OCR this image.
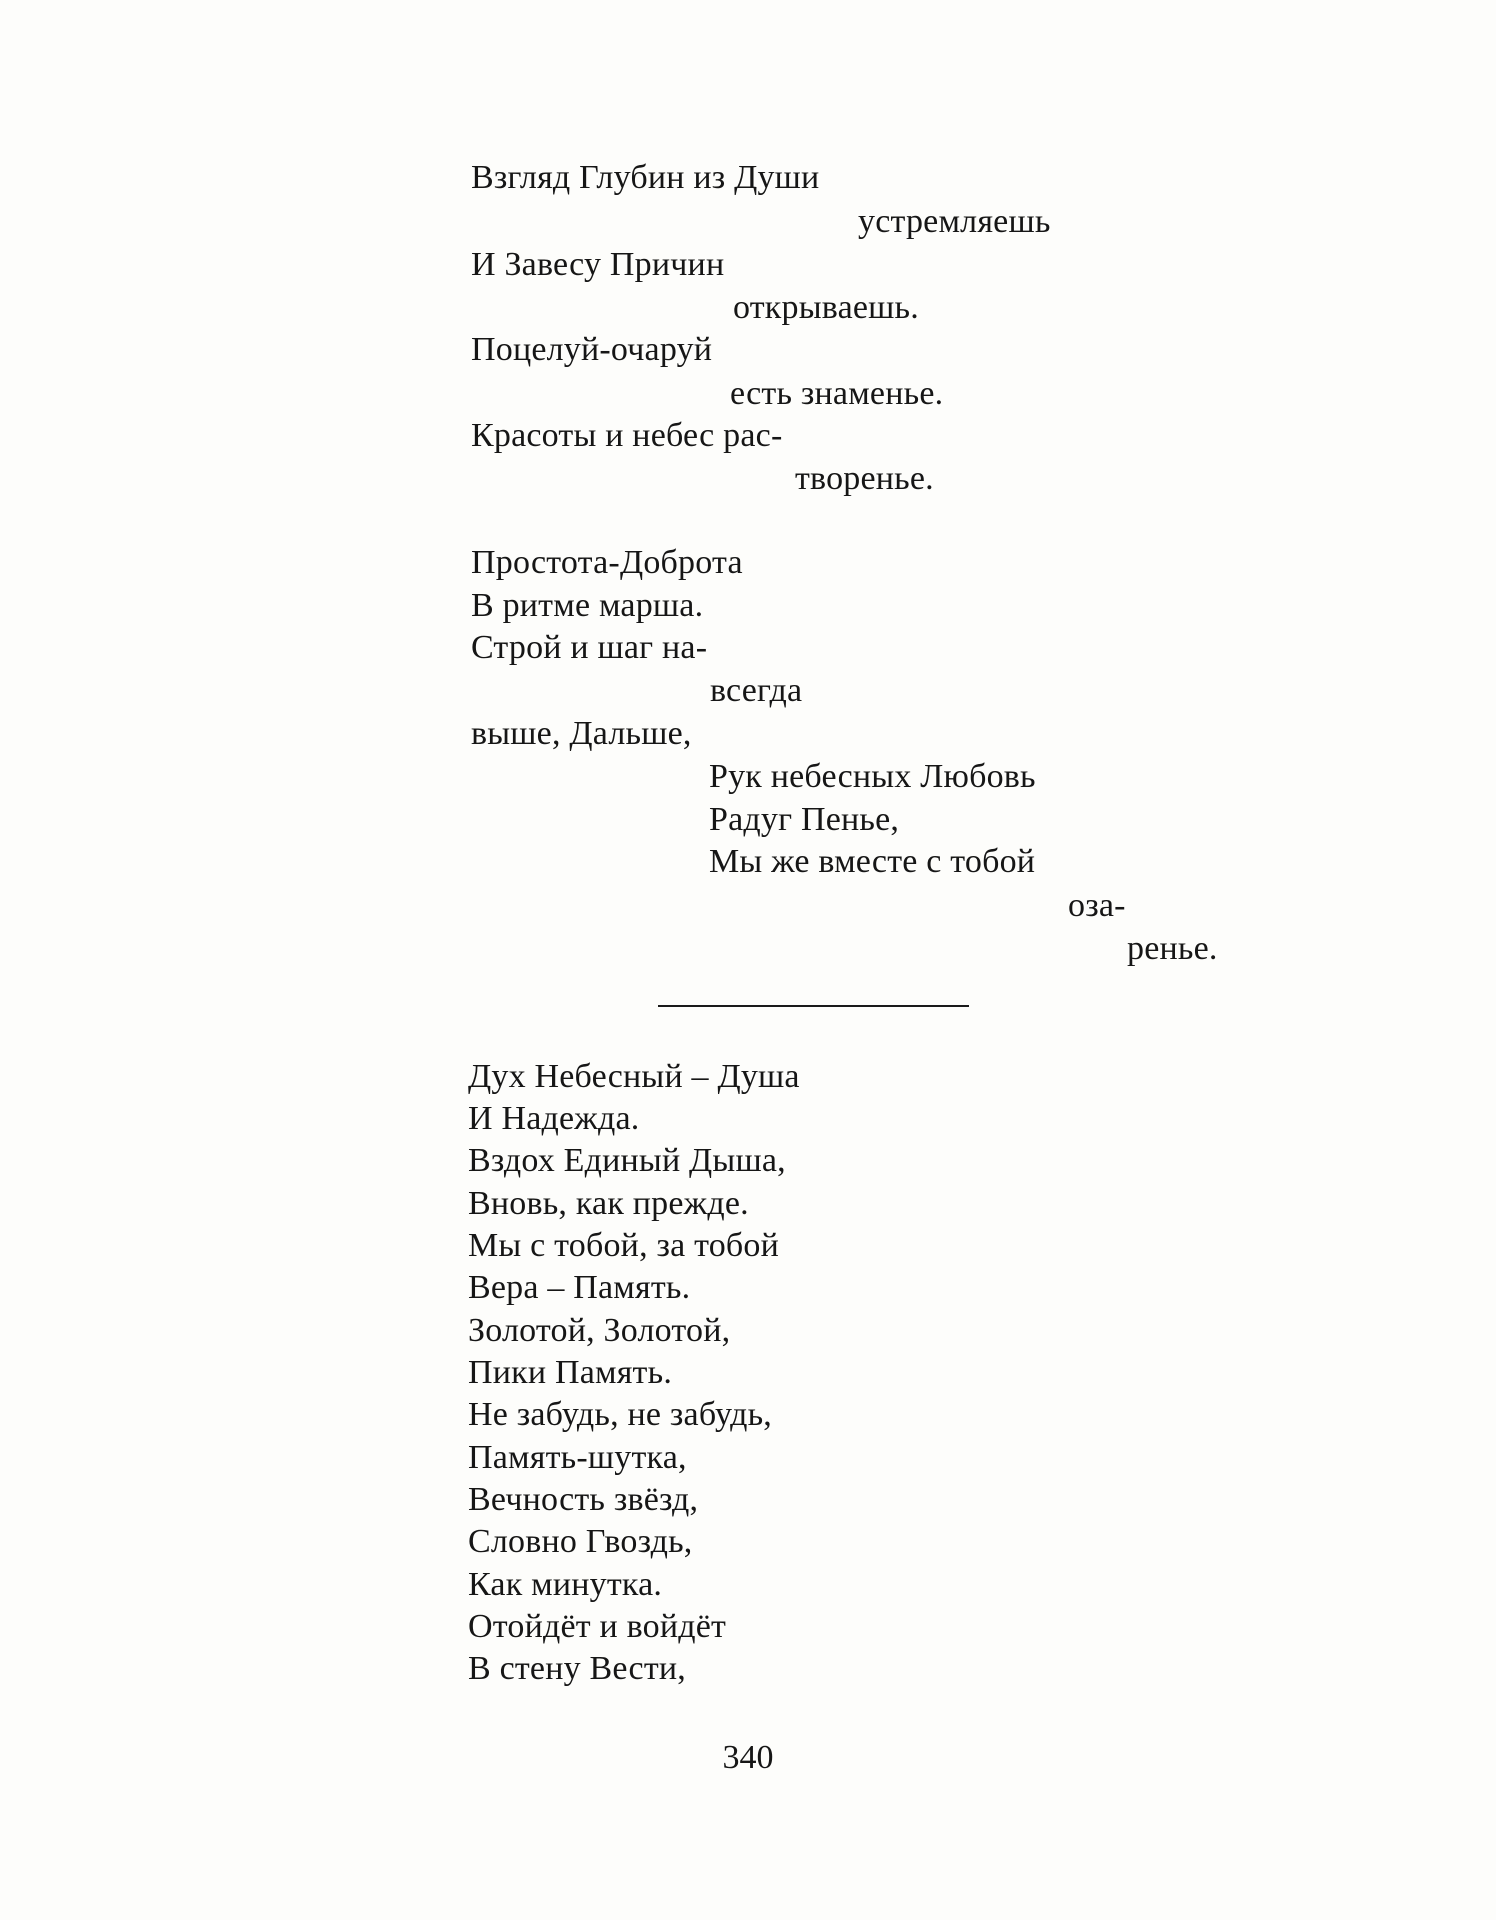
Взгляд Глубин из Души
устремляешь
И Завесу Причин
открываешь.
Поцелуй-очаруй
есть знаменье.
Красоты и небес рас-
творенье.
Простота-Доброта
В ритме марша.
Строй и шаг на-
всегда
выше, Дальше,
Рук небесных Любовь
Радуг Пенье,
Мы же вместе с тобой
оза-
ренье.
Дух Небесный – Душа
И Надежда.
Вздох Единый Дыша,
Вновь, как прежде.
Мы с тобой, за тобой
Вера – Память.
Золотой, Золотой,
Пики Память.
Не забудь, не забудь,
Память-шутка,
Вечность звёзд,
Словно Гвоздь,
Как минутка.
Отойдёт и войдёт
В стену Вести,
340
